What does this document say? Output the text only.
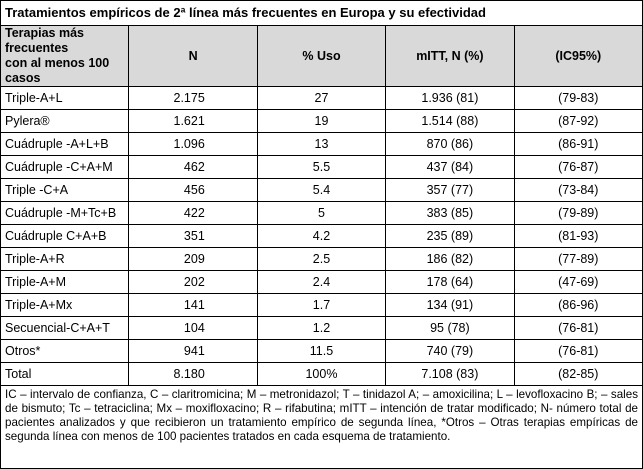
Tratamientos empíricos de 2ª línea más frecuentes en Europa y su efectividad				
Terapias más frecuentes
con al menos 100 casos	N	% Uso	mITT, N (%)	(IC95%)
Triple-A+L	2.175	27	1.936 (81)	(79-83)
Pylera®	1.621	19	1.514 (88)	(87-92)
Cuádruple -A+L+B	1.096	13	870 (86)	(86-91)
Cuádruple -C+A+M	462	5.5	437 (84)	(76-87)
Triple -C+A	456	5.4	357 (77)	(73-84)
Cuádruple -M+Tc+B	422	5	383 (85)	(79-89)
Cuádruple C+A+B	351	4.2	235 (89)	(81-93)
Triple-A+R	209	2.5	186 (82)	(77-89)
Triple-A+M	202	2.4	178 (64)	(47-69)
Triple-A+Mx	141	1.7	134 (91)	(86-96)
Secuencial-C+A+T	104	1.2	95 (78)	(76-81)
Otros*	941	11.5	740 (79)	(76-81)
Total	8.180	100%	7.108 (83)	(82-85)
IC – intervalo de confianza, C – claritromicina; M – metronidazol; T – tinidazol A; – amoxicilina; L – levofloxacino B; – sales de bismuto; Tc – tetraciclina; Mx – moxifloxacino; R – rifabutina; mITT – intención de tratar modificado; N- número total de pacientes analizados y que recibieron un tratamiento empírico de segunda línea, *Otros – Otras terapias empíricas de segunda línea con menos de 100 pacientes tratados en cada esquema de tratamiento.				
